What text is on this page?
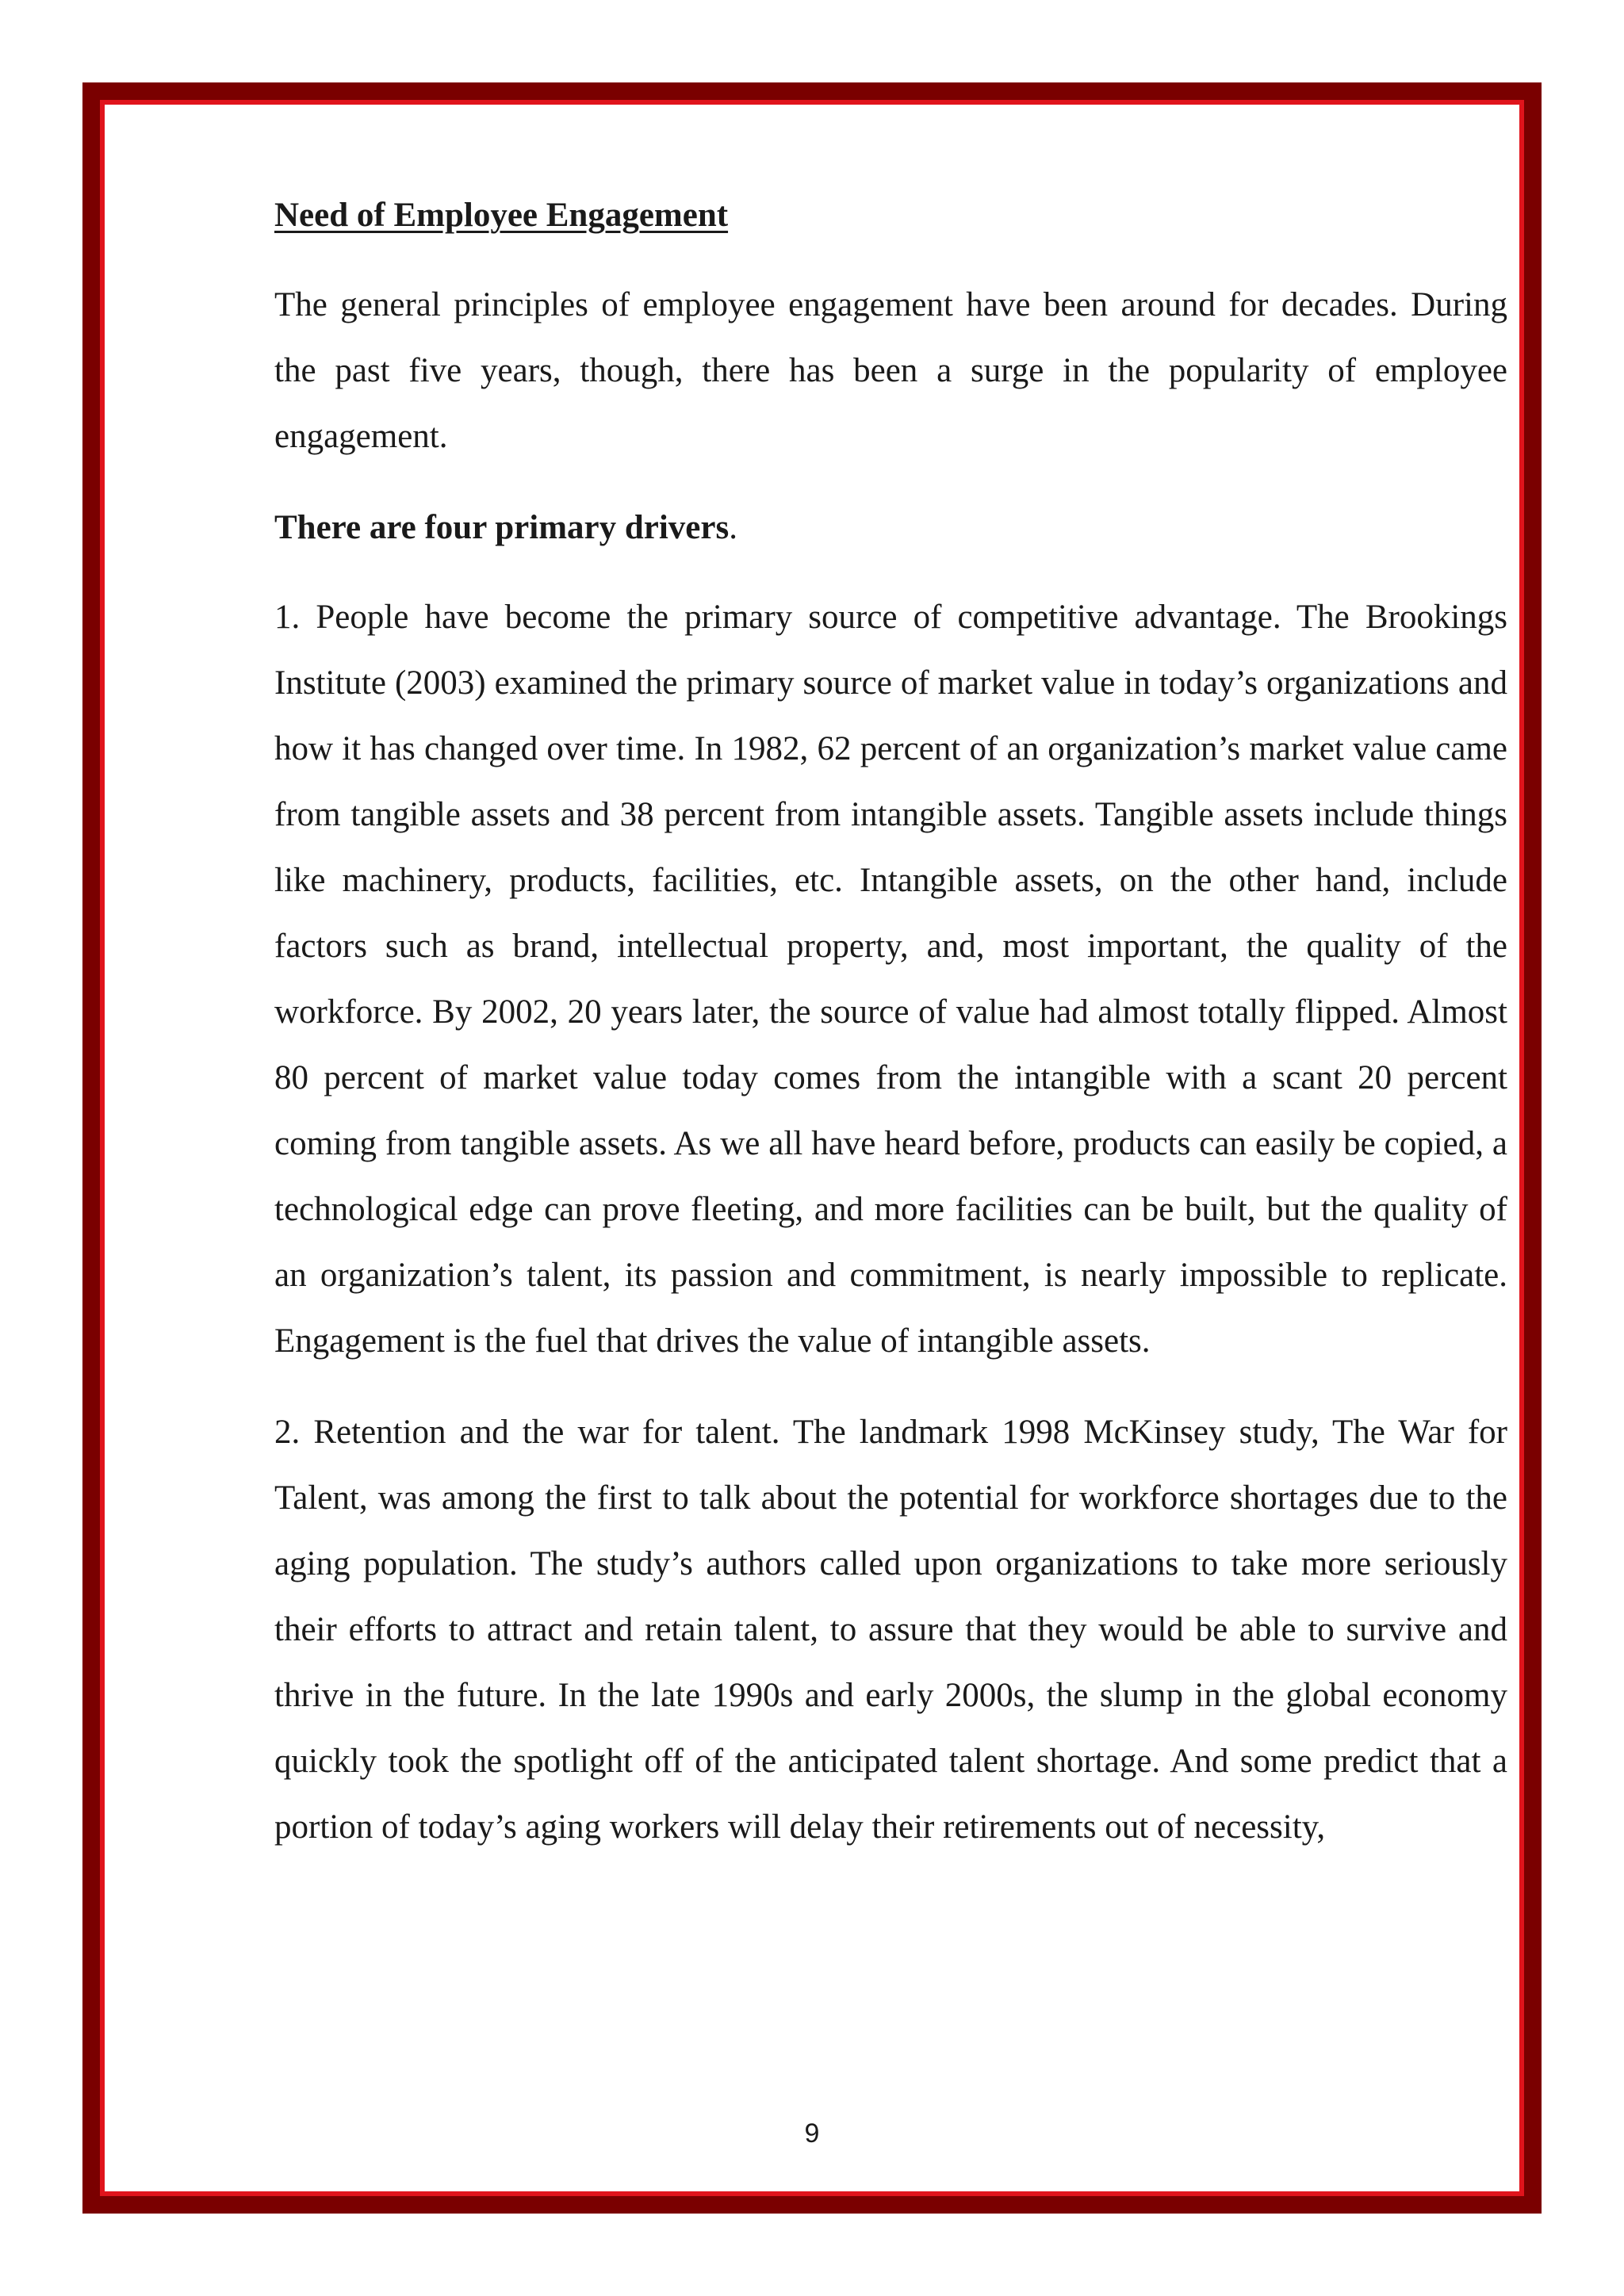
Need of Employee Engagement

The general principles of employee engagement have been around for decades. During the past five years, though, there has been a surge in the popularity of employee engagement.

There are four primary drivers.

1. People have become the primary source of competitive advantage. The Brookings Institute (2003) examined the primary source of market value in today’s organizations and how it has changed over time. In 1982, 62 percent of an organization’s market value came from tangible assets and 38 percent from intangible assets. Tangible assets include things like machinery, products, facilities, etc. Intangible assets, on the other hand, include factors such as brand, intellectual property, and, most important, the quality of the workforce. By 2002, 20 years later, the source of value had almost totally flipped. Almost 80 percent of market value today comes from the intangible with a scant 20 percent coming from tangible assets. As we all have heard before, products can easily be copied, a technological edge can prove fleeting, and more facilities can be built, but the quality of an organization’s talent, its passion and commitment, is nearly impossible to replicate. Engagement is the fuel that drives the value of intangible assets.

2. Retention and the war for talent. The landmark 1998 McKinsey study, The War for Talent, was among the first to talk about the potential for workforce shortages due to the aging population. The study’s authors called upon organizations to take more seriously their efforts to attract and retain talent, to assure that they would be able to survive and thrive in the future. In the late 1990s and early 2000s, the slump in the global economy quickly took the spotlight off of the anticipated talent shortage. And some predict that a portion of today’s aging workers will delay their retirements out of necessity,

9
